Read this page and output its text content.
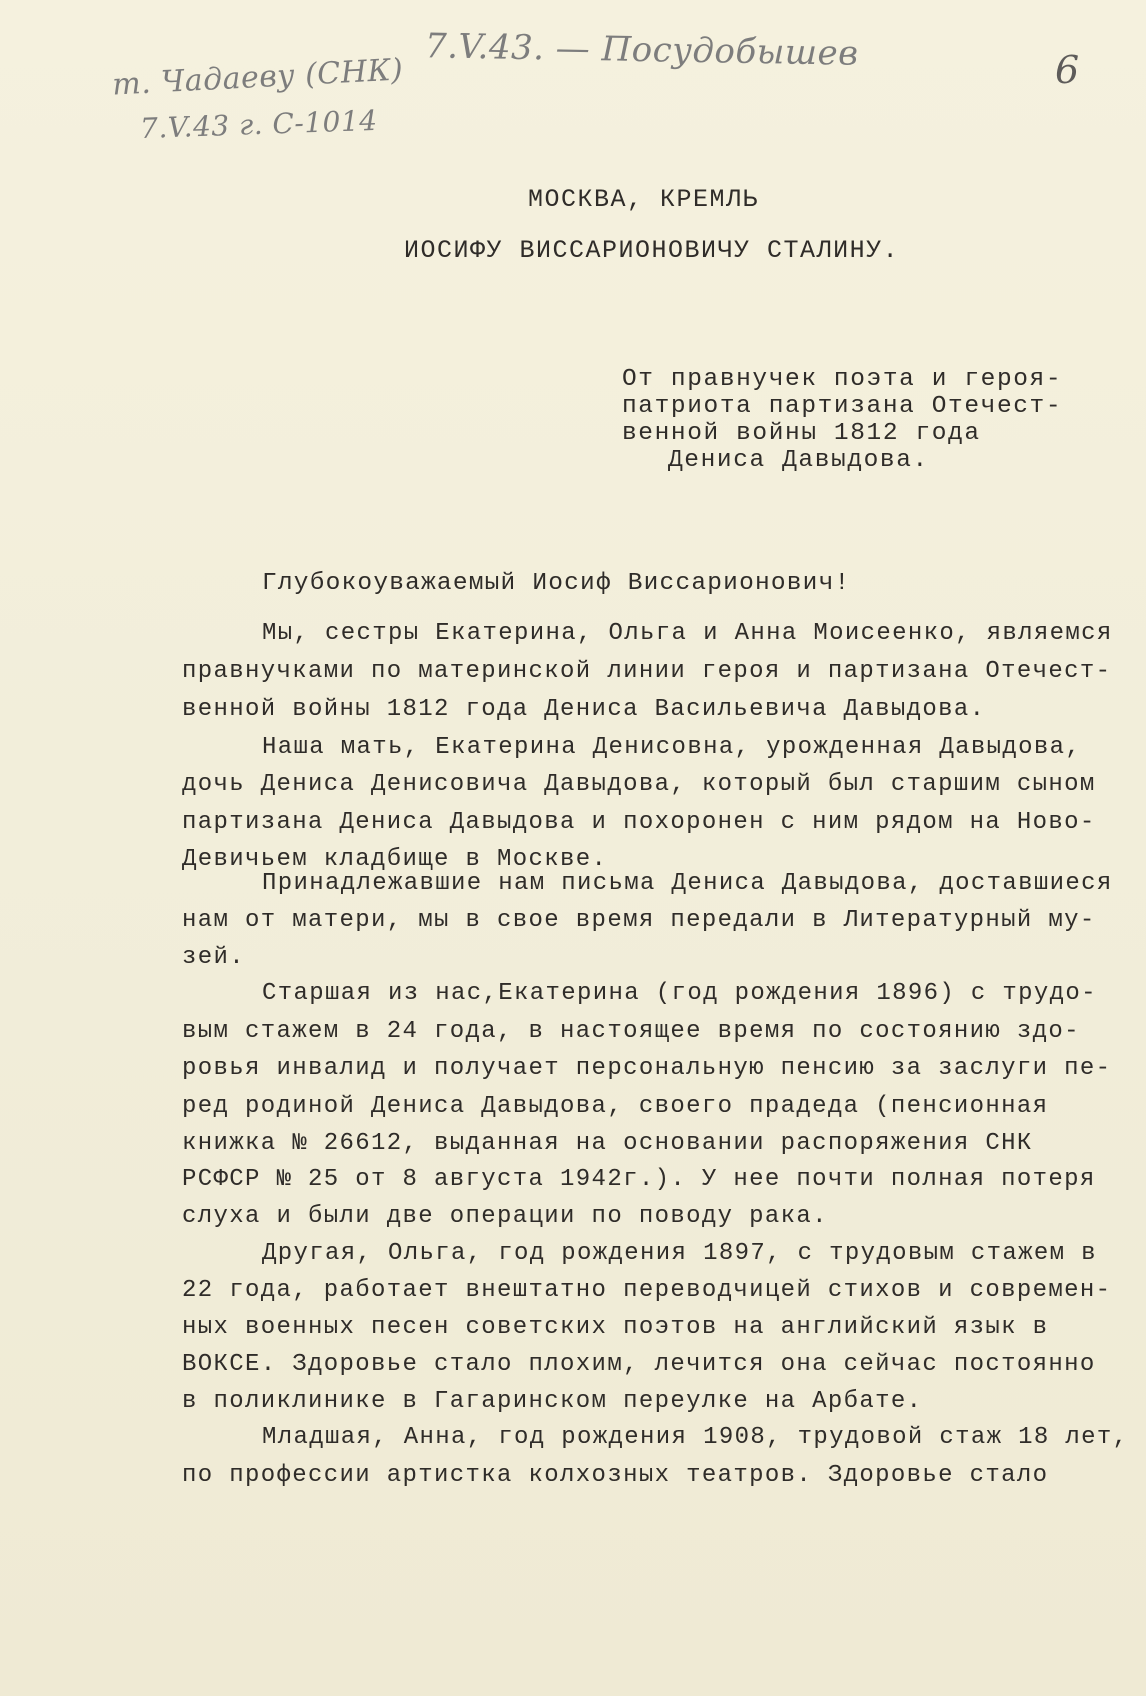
т. Чадаеву (СНК)
7.V.43 г. С-1014
7.V.43. — Посудобышев	6
МОСКВА, КРЕМЛЬ
ИОСИФУ ВИССАРИОНОВИЧУ СТАЛИНУ.
От правнучек поэта и героя-
патриота партизана Отечест-
венной войны 1812 года
Дениса Давыдова.
Глубокоуважаемый Иосиф Виссарионович!
Мы, сестры Екатерина, Ольга и Анна Моисеенко, являемся
правнучками по материнской линии героя и партизана Отечест-
венной войны 1812 года Дениса Васильевича Давыдова.
Наша мать, Екатерина Денисовна, урожденная Давыдова,
дочь Дениса Денисовича Давыдова, который был старшим сыном
партизана Дениса Давыдова и похоронен с ним рядом на Ново-
Девичьем кладбище в Москве.
Принадлежавшие нам письма Дениса Давыдова, доставшиеся
нам от матери, мы в свое время передали в Литературный му-
зей.
Старшая из нас,Екатерина (год рождения 1896) с трудо-
вым стажем в 24 года, в настоящее время по состоянию здо-
ровья инвалид и получает персональную пенсию за заслуги пе-
ред родиной Дениса Давыдова, своего прадеда (пенсионная
книжка № 26612, выданная на основании распоряжения СНК
РСФСР № 25 от 8 августа 1942г.). У нее почти полная потеря
слуха и были две операции по поводу рака.
Другая, Ольга, год рождения 1897, с трудовым стажем в
22 года, работает внештатно переводчицей стихов и современ-
ных военных песен советских поэтов на английский язык в
ВОКСЕ. Здоровье стало плохим, лечится она сейчас постоянно
в поликлинике в Гагаринском переулке на Арбате.
Младшая, Анна, год рождения 1908, трудовой стаж 18 лет,
по профессии артистка колхозных театров. Здоровье стало
